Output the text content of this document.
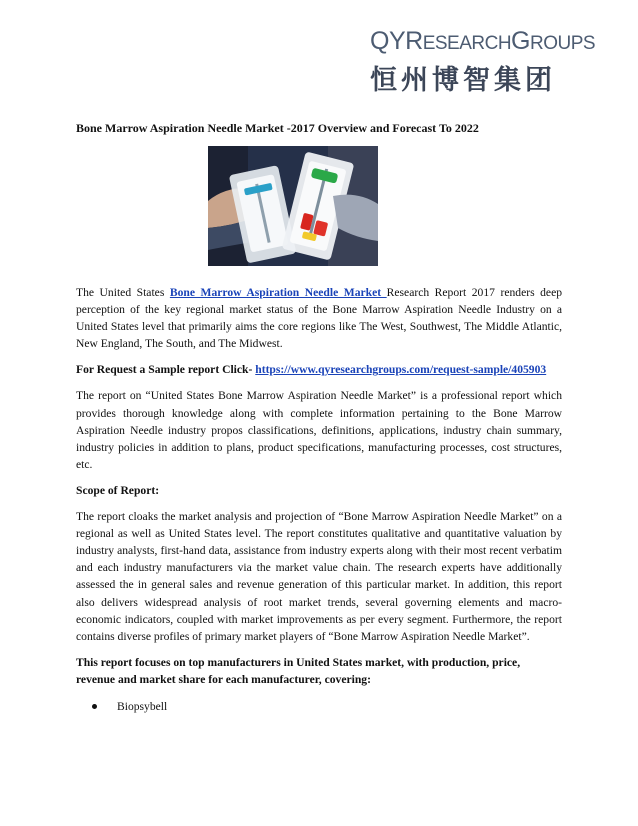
QYRESEARCHGROUPS
恒州博智集团
Bone Marrow Aspiration Needle Market -2017 Overview and Forecast To 2022

The United States Bone Marrow Aspiration Needle Market Research Report 2017 renders deep perception of the key regional market status of the Bone Marrow Aspiration Needle Industry on a United States level that primarily aims the core regions like The West, Southwest, The Middle Atlantic, New England, The South, and The Midwest.

For Request a Sample report Click- https://www.qyresearchgroups.com/request-sample/405903

The report on “United States Bone Marrow Aspiration Needle Market” is a professional report which provides thorough knowledge along with complete information pertaining to the Bone Marrow Aspiration Needle industry propos classifications, definitions, applications, industry chain summary, industry policies in addition to plans, product specifications, manufacturing processes, cost structures, etc.

Scope of Report:

The report cloaks the market analysis and projection of “Bone Marrow Aspiration Needle Market” on a regional as well as United States level. The report constitutes qualitative and quantitative valuation by industry analysts, first-hand data, assistance from industry experts along with their most recent verbatim and each industry manufacturers via the market value chain. The research experts have additionally assessed the in general sales and revenue generation of this particular market. In addition, this report also delivers widespread analysis of root market trends, several governing elements and macro-economic indicators, coupled with market improvements as per every segment. Furthermore, the report contains diverse profiles of primary market players of “Bone Marrow Aspiration Needle Market”.

This report focuses on top manufacturers in United States market, with production, price, revenue and market share for each manufacturer, covering:

Biopsybell
